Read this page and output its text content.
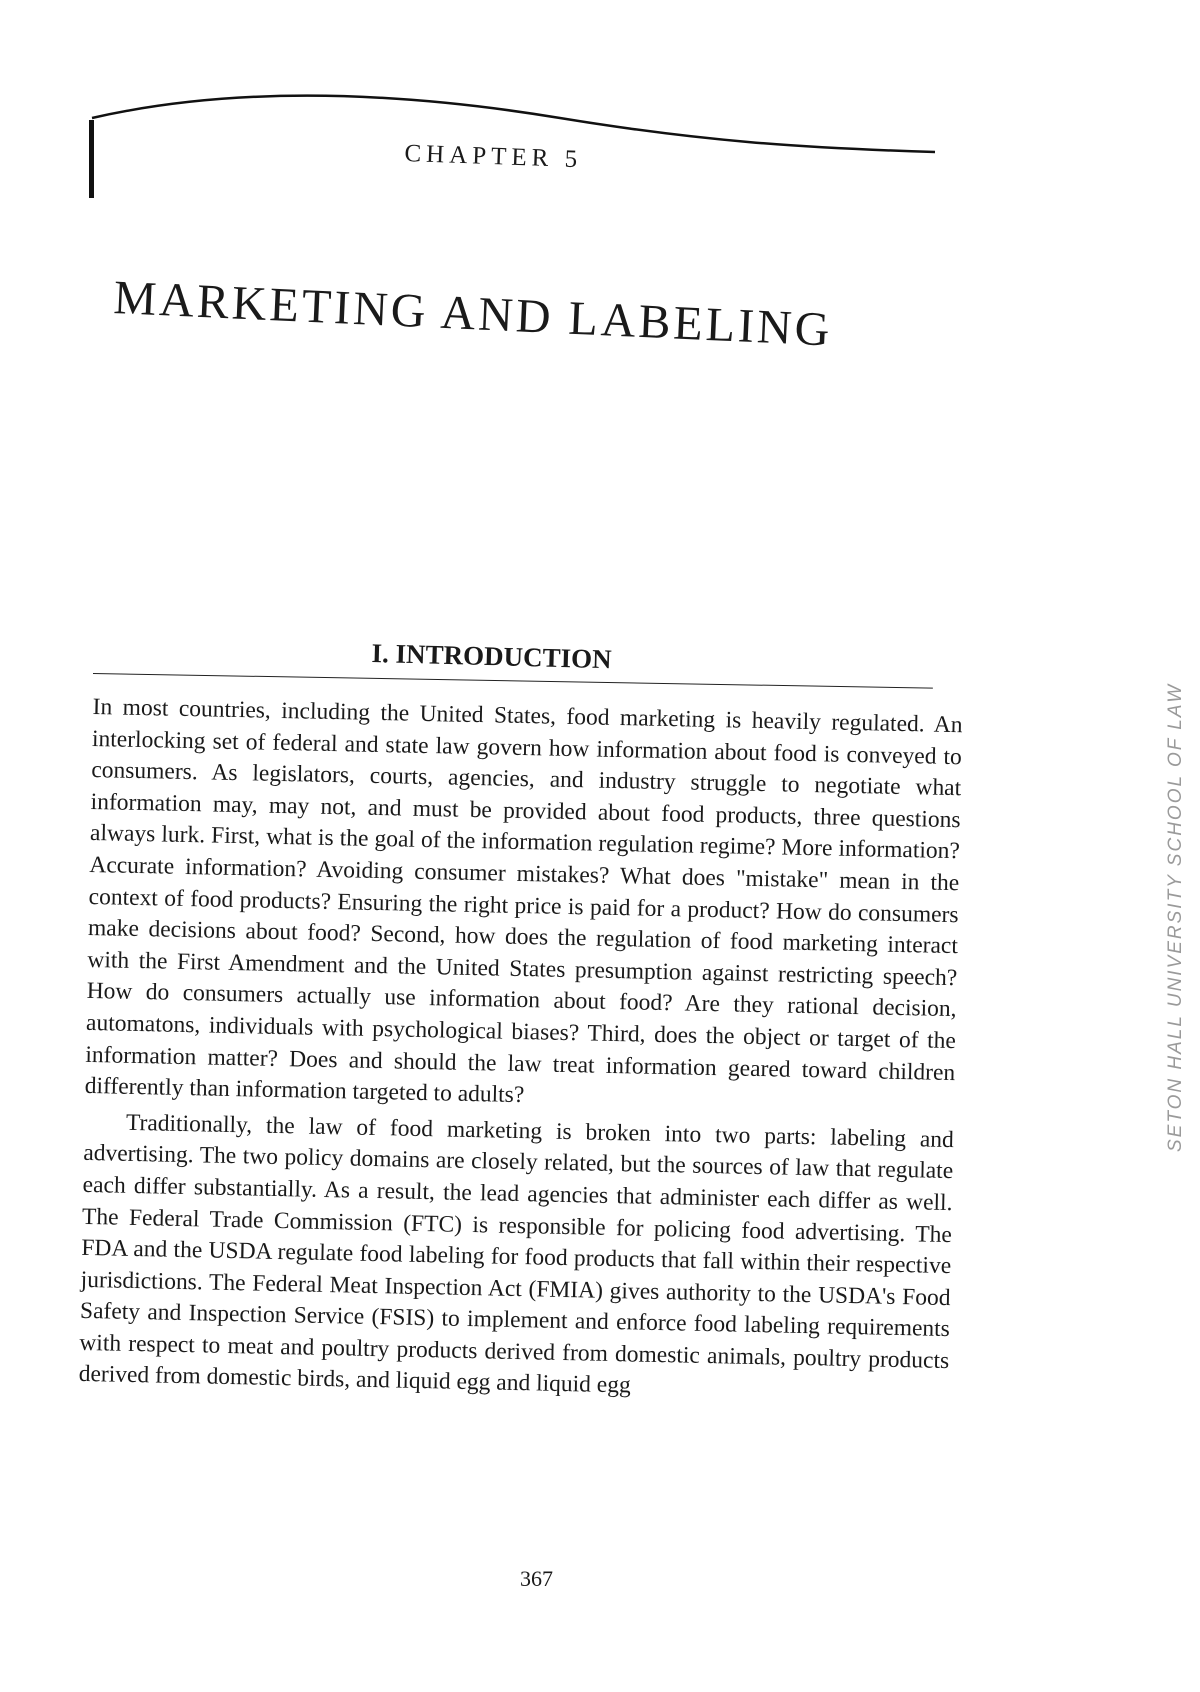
CHAPTER 5
MARKETING AND LABELING
I. INTRODUCTION

In most countries, including the United States, food marketing is heavily regulated. An interlocking set of federal and state law govern how information about food is conveyed to consumers. As legislators, courts, agencies, and industry struggle to negotiate what information may, may not, and must be provided about food products, three questions always lurk. First, what is the goal of the information regulation regime? More information? Accurate information? Avoiding consumer mistakes? What does "mistake" mean in the context of food products? Ensuring the right price is paid for a product? How do consumers make decisions about food? Second, how does the regulation of food marketing interact with the First Amendment and the United States presumption against restricting speech? How do consumers actually use information about food? Are they rational decision, automatons, individuals with psychological biases? Third, does the object or target of the information matter? Does and should the law treat information geared toward children differently than information targeted to adults?

Traditionally, the law of food marketing is broken into two parts: labeling and advertising. The two policy domains are closely related, but the sources of law that regulate each differ substantially. As a result, the lead agencies that administer each differ as well. The Federal Trade Commission (FTC) is responsible for policing food advertising. The FDA and the USDA regulate food labeling for food products that fall within their respective jurisdictions. The Federal Meat Inspection Act (FMIA) gives authority to the USDA's Food Safety and Inspection Service (FSIS) to implement and enforce food labeling requirements with respect to meat and poultry products derived from domestic animals, poultry products derived from domestic birds, and liquid egg and liquid egg

367
SETON HALL UNIVERSITY SCHOOL OF LAW
